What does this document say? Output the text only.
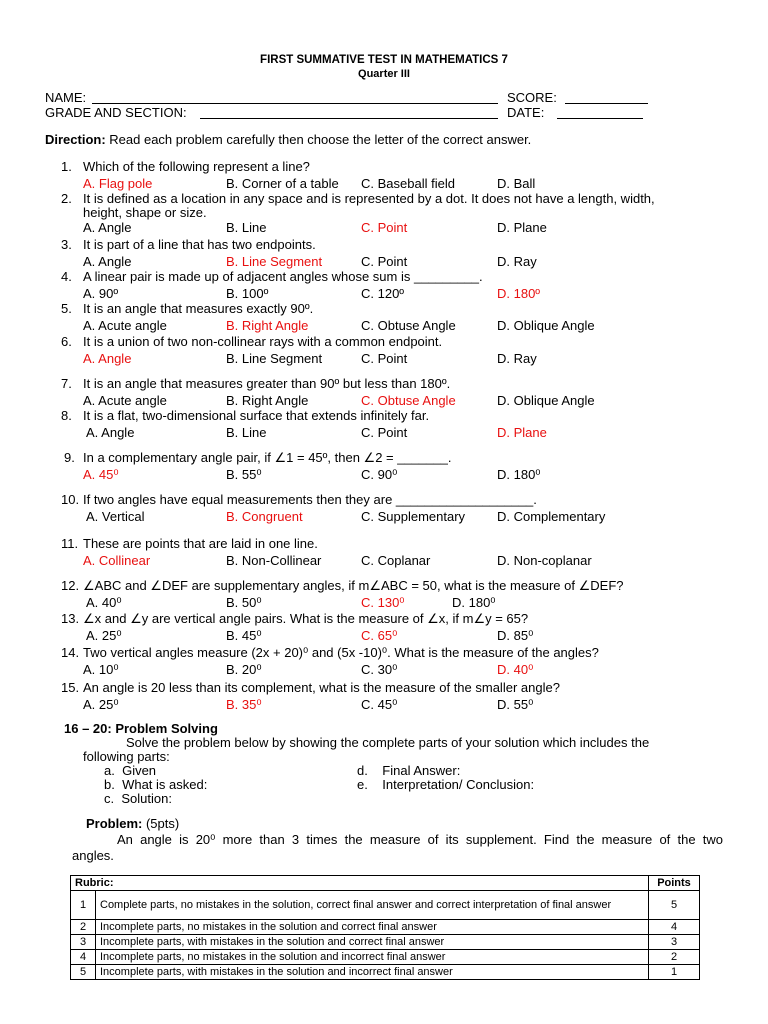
FIRST SUMMATIVE TEST IN MATHEMATICS 7
Quarter III
NAME:	SCORE:
GRADE AND SECTION:	DATE:
Direction: Read each problem carefully then choose the letter of the correct answer.
1. Which of the following represent a line?
A. Flag pole	B. Corner of a table C. Baseball field	D. Ball
2. It is defined as a location in any space and is represented by a dot. It does not have a length, width,
height, shape or size.
A. Angle	B. Line	C. Point	D. Plane
3. It is part of a line that has two endpoints.
A. Angle	B. Line Segment	C. Point	D. Ray
4. A linear pair is made up of adjacent angles whose sum is _________.
A. 90º	B. 100º	C. 120º	D. 180º
5. It is an angle that measures exactly 90º.
A. Acute angle	B. Right Angle	C. Obtuse Angle	D. Oblique Angle
6. It is a union of two non-collinear rays with a common endpoint.
A. Angle	B. Line Segment	C. Point	D. Ray
7. It is an angle that measures greater than 90º but less than 180º.
A. Acute angle	B. Right Angle	C. Obtuse Angle	D. Oblique Angle
8. It is a flat, two-dimensional surface that extends infinitely far.
A. Angle	B. Line	C. Point	D. Plane
9. In a complementary angle pair, if ∠1 = 45º, then ∠2 = _______.
A. 45⁰	B. 55⁰	C. 90⁰	D. 180⁰
10. If two angles have equal measurements then they are ___________________.
A. Vertical	B. Congruent	C. Supplementary D. Complementary
11. These are points that are laid in one line.
A. Collinear	B. Non-Collinear	C. Coplanar	D. Non-coplanar
12. ∠ABC and ∠DEF are supplementary angles, if m∠ABC = 50, what is the measure of ∠DEF?
A. 40⁰	B. 50⁰	C. 130⁰	D. 180⁰
13. ∠x and ∠y are vertical angle pairs. What is the measure of ∠x, if m∠y = 65?
A. 25⁰	B. 45⁰	C. 65⁰	D. 85⁰
14. Two vertical angles measure (2x + 20)⁰ and (5x -10)⁰. What is the measure of the angles?
A. 10⁰	B. 20⁰	C. 30⁰	D. 40⁰
15. An angle is 20 less than its complement, what is the measure of the smaller angle?
A. 25⁰	B. 35⁰	C. 45⁰	D. 55⁰
16 – 20: Problem Solving
Solve the problem below by showing the complete parts of your solution which includes the
following parts:
a. Given
b. What is asked:
c. Solution:
d. Final Answer:
e. Interpretation/ Conclusion:
Problem: (5pts)
An angle is 20⁰ more than 3 times the measure of its supplement. Find the measure of the two
angles.
Rubric:		Points
1	Complete parts, no mistakes in the solution, correct final answer and correct interpretation of final answer	5
2	Incomplete parts, no mistakes in the solution and correct final answer	4
3	Incomplete parts, with mistakes in the solution and correct final answer	3
4	Incomplete parts, no mistakes in the solution and incorrect final answer	2
5	Incomplete parts, with mistakes in the solution and incorrect final answer	1
